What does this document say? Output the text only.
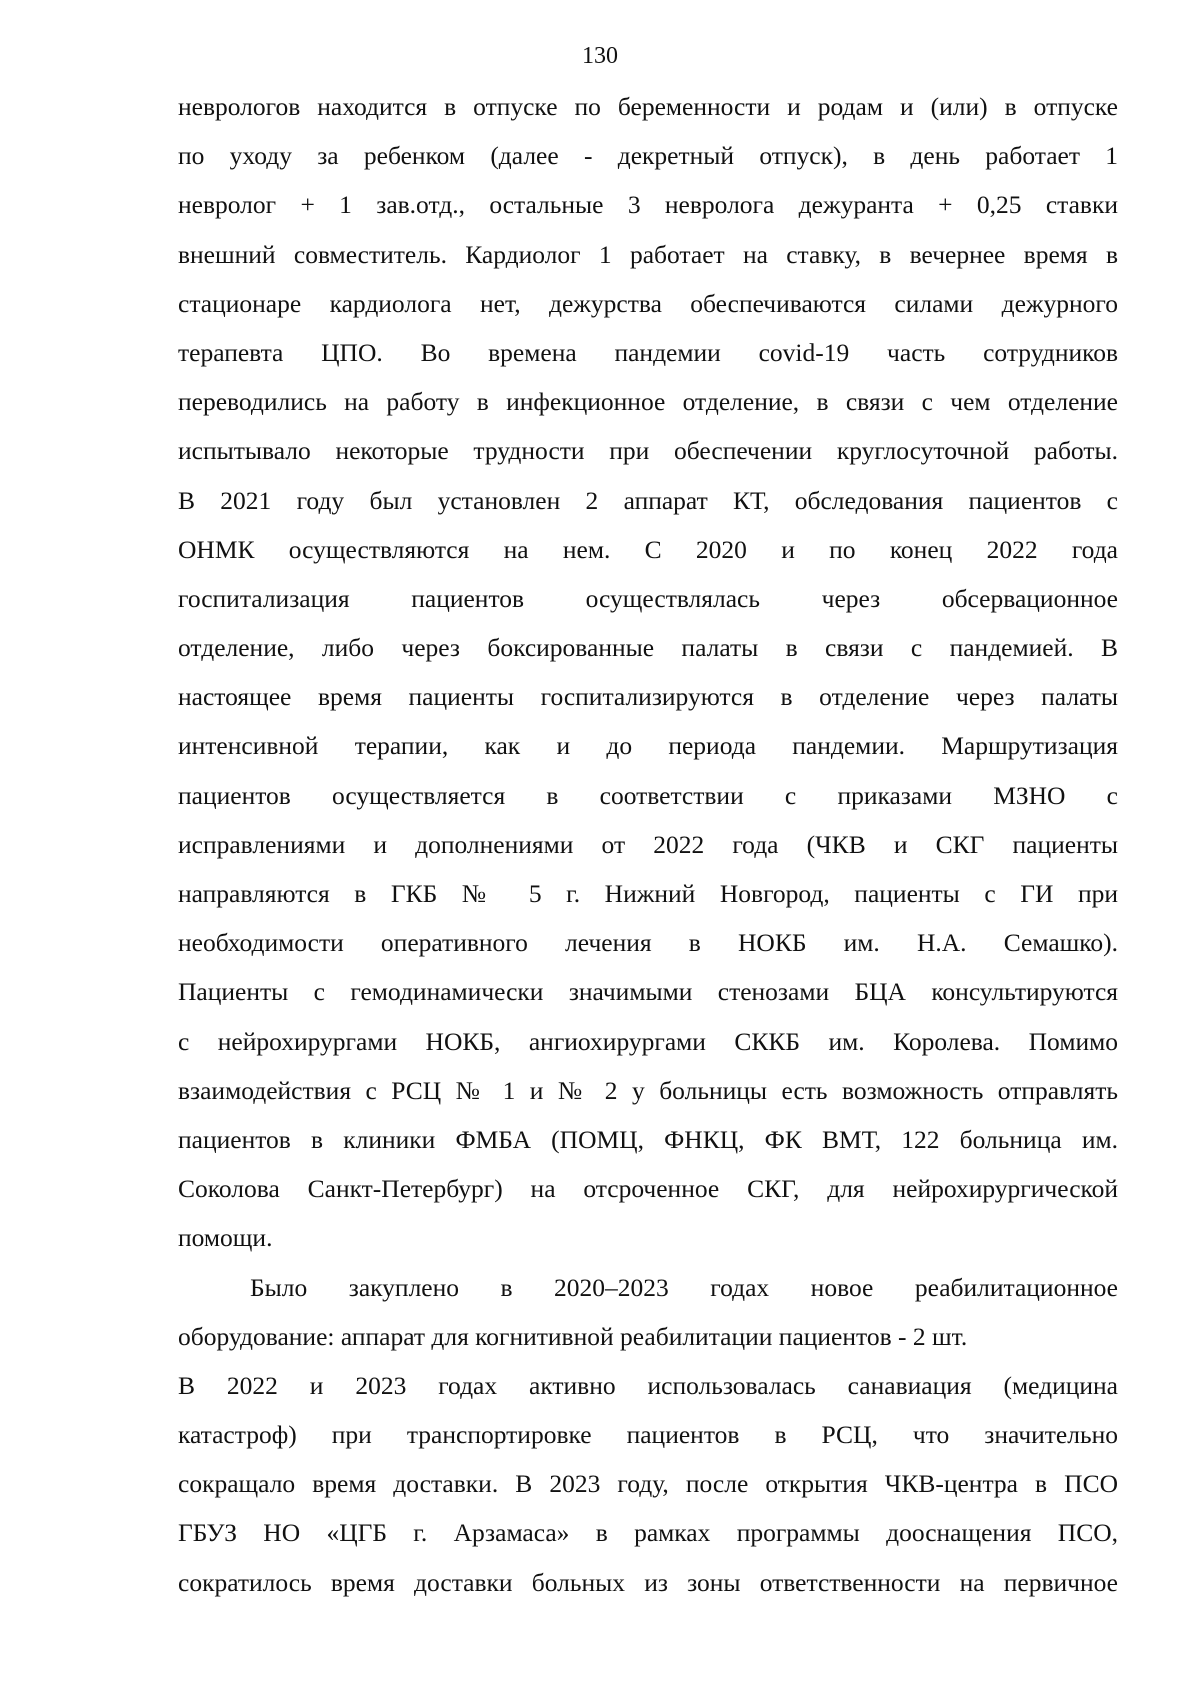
130
неврологов находится в отпуске по беременности и родам и (или) в отпуске
по уходу за ребенком (далее - декретный отпуск), в день работает 1
невролог + 1 зав.отд., остальные 3 невролога дежуранта + 0,25 ставки
внешний совместитель. Кардиолог 1 работает на ставку, в вечернее время в
стационаре кардиолога нет, дежурства обеспечиваются силами дежурного
терапевта ЦПО. Во времена пандемии covid-19 часть сотрудников
переводились на работу в инфекционное отделение, в связи с чем отделение
испытывало некоторые трудности при обеспечении круглосуточной работы.
В 2021 году был установлен 2 аппарат КТ, обследования пациентов с
ОНМК осуществляются на нем. С 2020 и по конец 2022 года
госпитализация пациентов осуществлялась через обсервационное
отделение, либо через боксированные палаты в связи с пандемией. В
настоящее время пациенты госпитализируются в отделение через палаты
интенсивной терапии, как и до периода пандемии. Маршрутизация
пациентов осуществляется в соответствии с приказами МЗНО с
исправлениями и дополнениями от 2022 года (ЧКВ и СКГ пациенты
направляются в ГКБ № 5 г. Нижний Новгород, пациенты с ГИ при
необходимости оперативного лечения в НОКБ им. Н.А. Семашко).
Пациенты с гемодинамически значимыми стенозами БЦА консультируются
с нейрохирургами НОКБ, ангиохирургами СККБ им. Королева. Помимо
взаимодействия с РСЦ № 1 и № 2 у больницы есть возможность отправлять
пациентов в клиники ФМБА (ПОМЦ, ФНКЦ, ФК ВМТ, 122 больница им.
Соколова Санкт-Петербург) на отсроченное СКГ, для нейрохирургической
помощи.
Было закуплено в 2020–2023 годах новое реабилитационное
оборудование: аппарат для когнитивной реабилитации пациентов - 2 шт.
В 2022 и 2023 годах активно использовалась санавиация (медицина
катастроф) при транспортировке пациентов в РСЦ, что значительно
сокращало время доставки. В 2023 году, после открытия ЧКВ-центра в ПСО
ГБУЗ НО «ЦГБ г. Арзамаса» в рамках программы дооснащения ПСО,
сократилось время доставки больных из зоны ответственности на первичное
